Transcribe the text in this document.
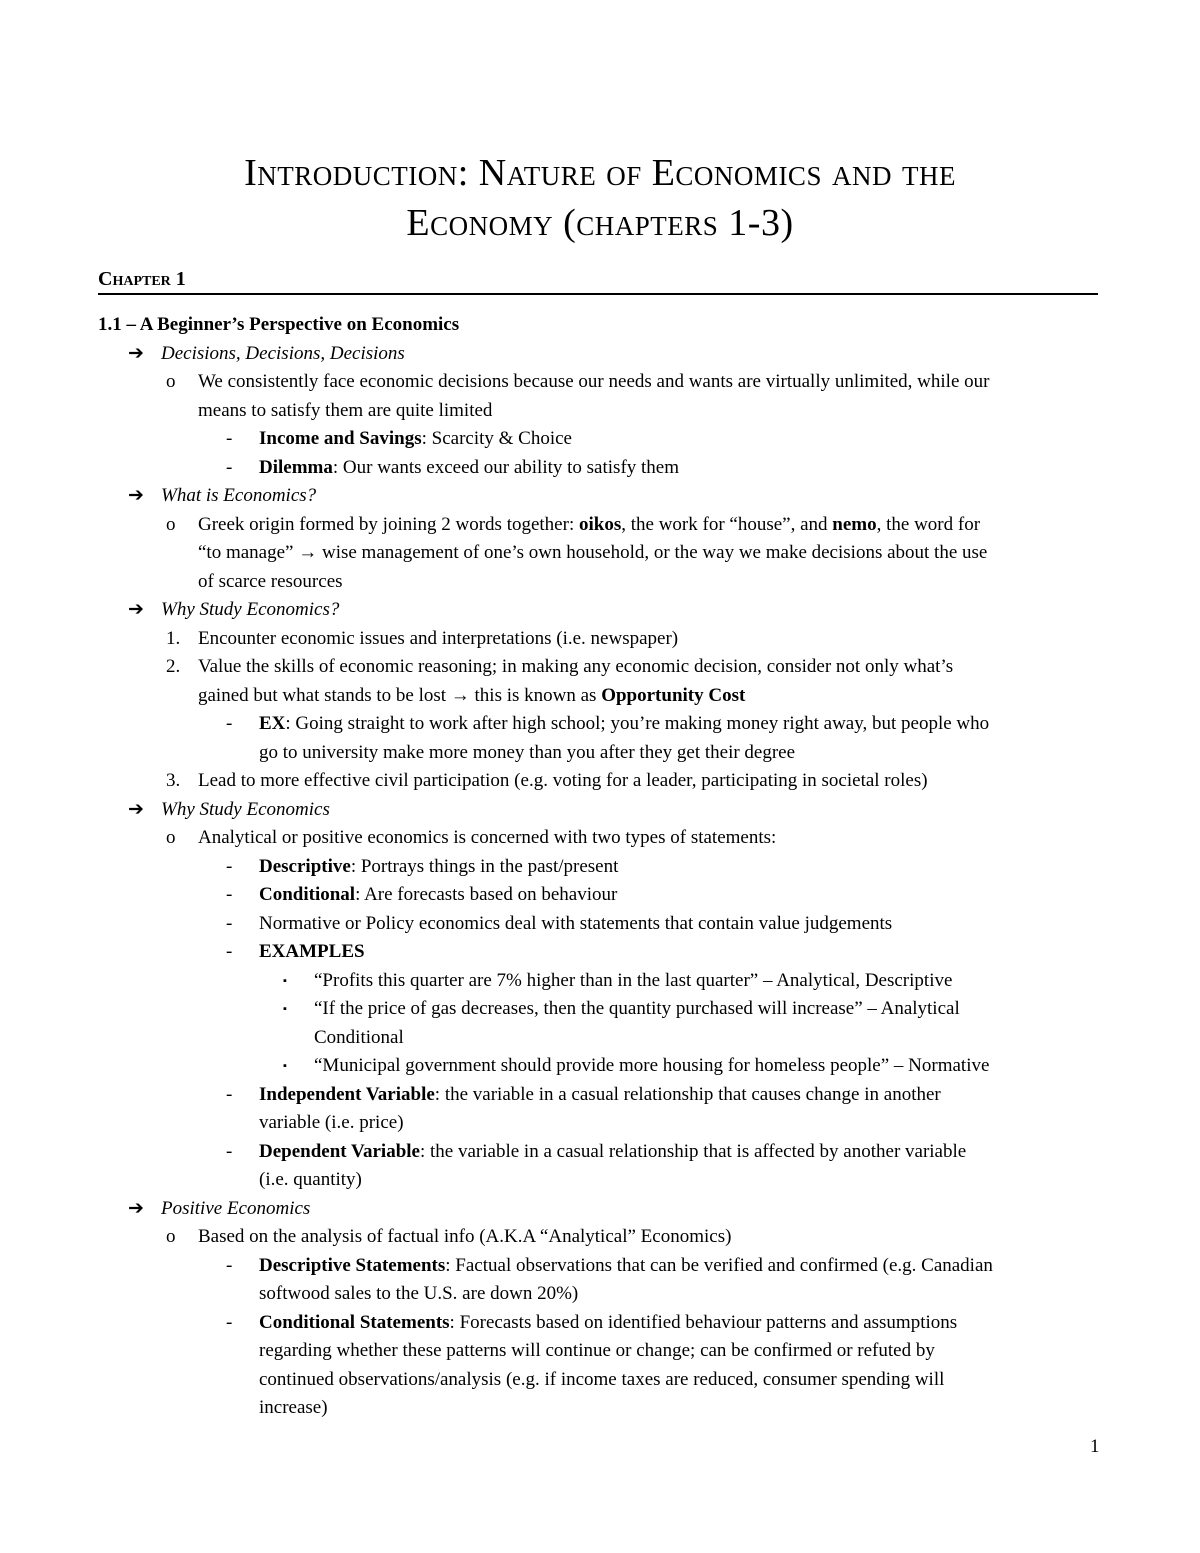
Introduction: Nature of Economics and the
Economy (chapters 1-3)
Chapter 1
1.1 – A Beginner’s Perspective on Economics
➔ Decisions, Decisions, Decisions
o We consistently face economic decisions because our needs and wants are virtually unlimited, while our
means to satisfy them are quite limited
- Income and Savings: Scarcity & Choice
- Dilemma: Our wants exceed our ability to satisfy them
➔ What is Economics?
o Greek origin formed by joining 2 words together: oikos, the work for “house”, and nemo, the word for
“to manage” → wise management of one’s own household, or the way we make decisions about the use
of scarce resources
➔ Why Study Economics?
1. Encounter economic issues and interpretations (i.e. newspaper)
2. Value the skills of economic reasoning; in making any economic decision, consider not only what’s
gained but what stands to be lost → this is known as Opportunity Cost
- EX: Going straight to work after high school; you’re making money right away, but people who
go to university make more money than you after they get their degree
3. Lead to more effective civil participation (e.g. voting for a leader, participating in societal roles)
➔ Why Study Economics
o Analytical or positive economics is concerned with two types of statements:
- Descriptive: Portrays things in the past/present
- Conditional: Are forecasts based on behaviour
- Normative or Policy economics deal with statements that contain value judgements
- EXAMPLES
▪ “Profits this quarter are 7% higher than in the last quarter” – Analytical, Descriptive
▪ “If the price of gas decreases, then the quantity purchased will increase” – Analytical
Conditional
▪ “Municipal government should provide more housing for homeless people” – Normative
- Independent Variable: the variable in a casual relationship that causes change in another
variable (i.e. price)
- Dependent Variable: the variable in a casual relationship that is affected by another variable
(i.e. quantity)
➔ Positive Economics
o Based on the analysis of factual info (A.K.A “Analytical” Economics)
- Descriptive Statements: Factual observations that can be verified and confirmed (e.g. Canadian
softwood sales to the U.S. are down 20%)
- Conditional Statements: Forecasts based on identified behaviour patterns and assumptions
regarding whether these patterns will continue or change; can be confirmed or refuted by
continued observations/analysis (e.g. if income taxes are reduced, consumer spending will
increase)
1
